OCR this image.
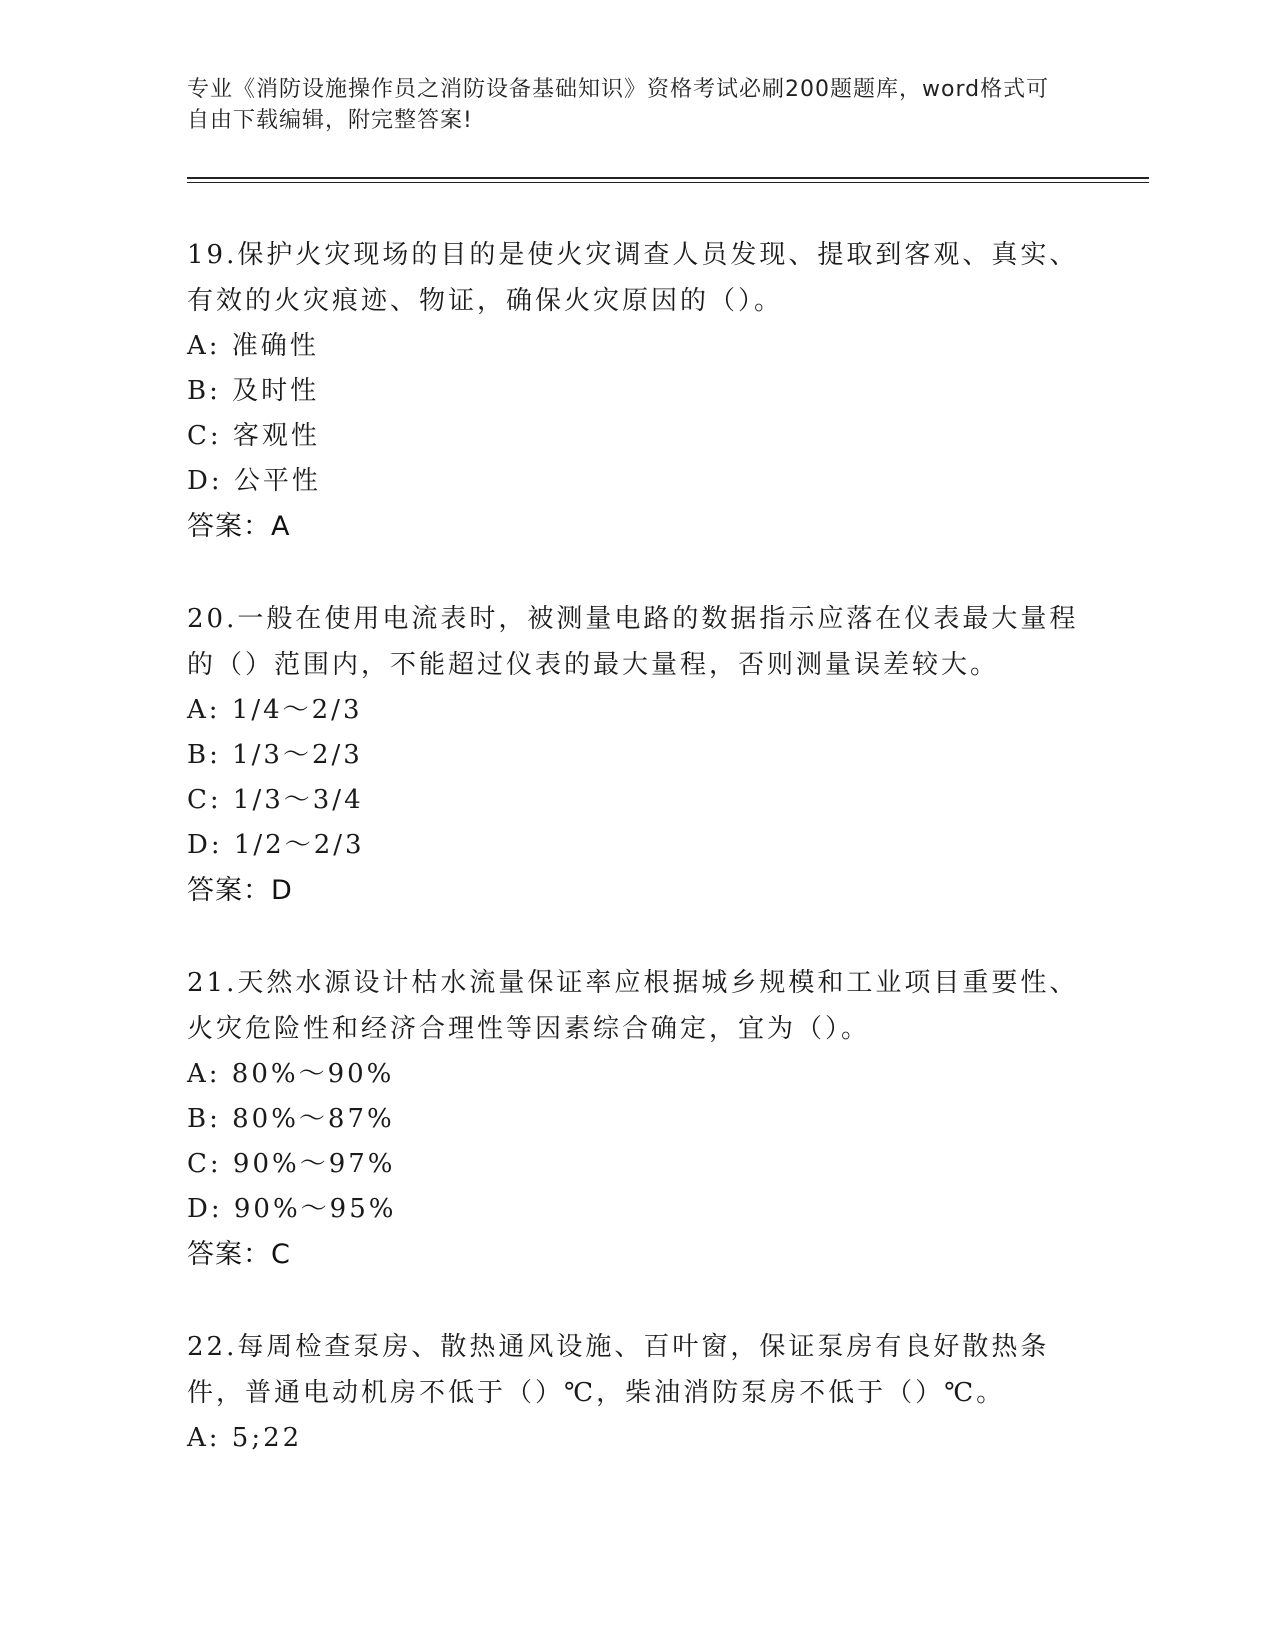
专业《消防设施操作员之消防设备基础知识》资格考试必刷200题题库，word格式可自由下载编辑，附完整答案!
19.保护火灾现场的目的是使火灾调查人员发现、提取到客观、真实、有效的火灾痕迹、物证，确保火灾原因的（）。
A: 准确性
B: 及时性
C: 客观性
D: 公平性
答案：A
20.一般在使用电流表时，被测量电路的数据指示应落在仪表最大量程的（）范围内，不能超过仪表的最大量程，否则测量误差较大。
A: 1/4～2/3
B: 1/3～2/3
C: 1/3～3/4
D: 1/2～2/3
答案：D
21.天然水源设计枯水流量保证率应根据城乡规模和工业项目重要性、火灾危险性和经济合理性等因素综合确定，宜为（）。
A: 80%～90%
B: 80%～87%
C: 90%～97%
D: 90%～95%
答案：C
22.每周检查泵房、散热通风设施、百叶窗，保证泵房有良好散热条件，普通电动机房不低于（）℃，柴油消防泵房不低于（）℃。
A: 5;22
